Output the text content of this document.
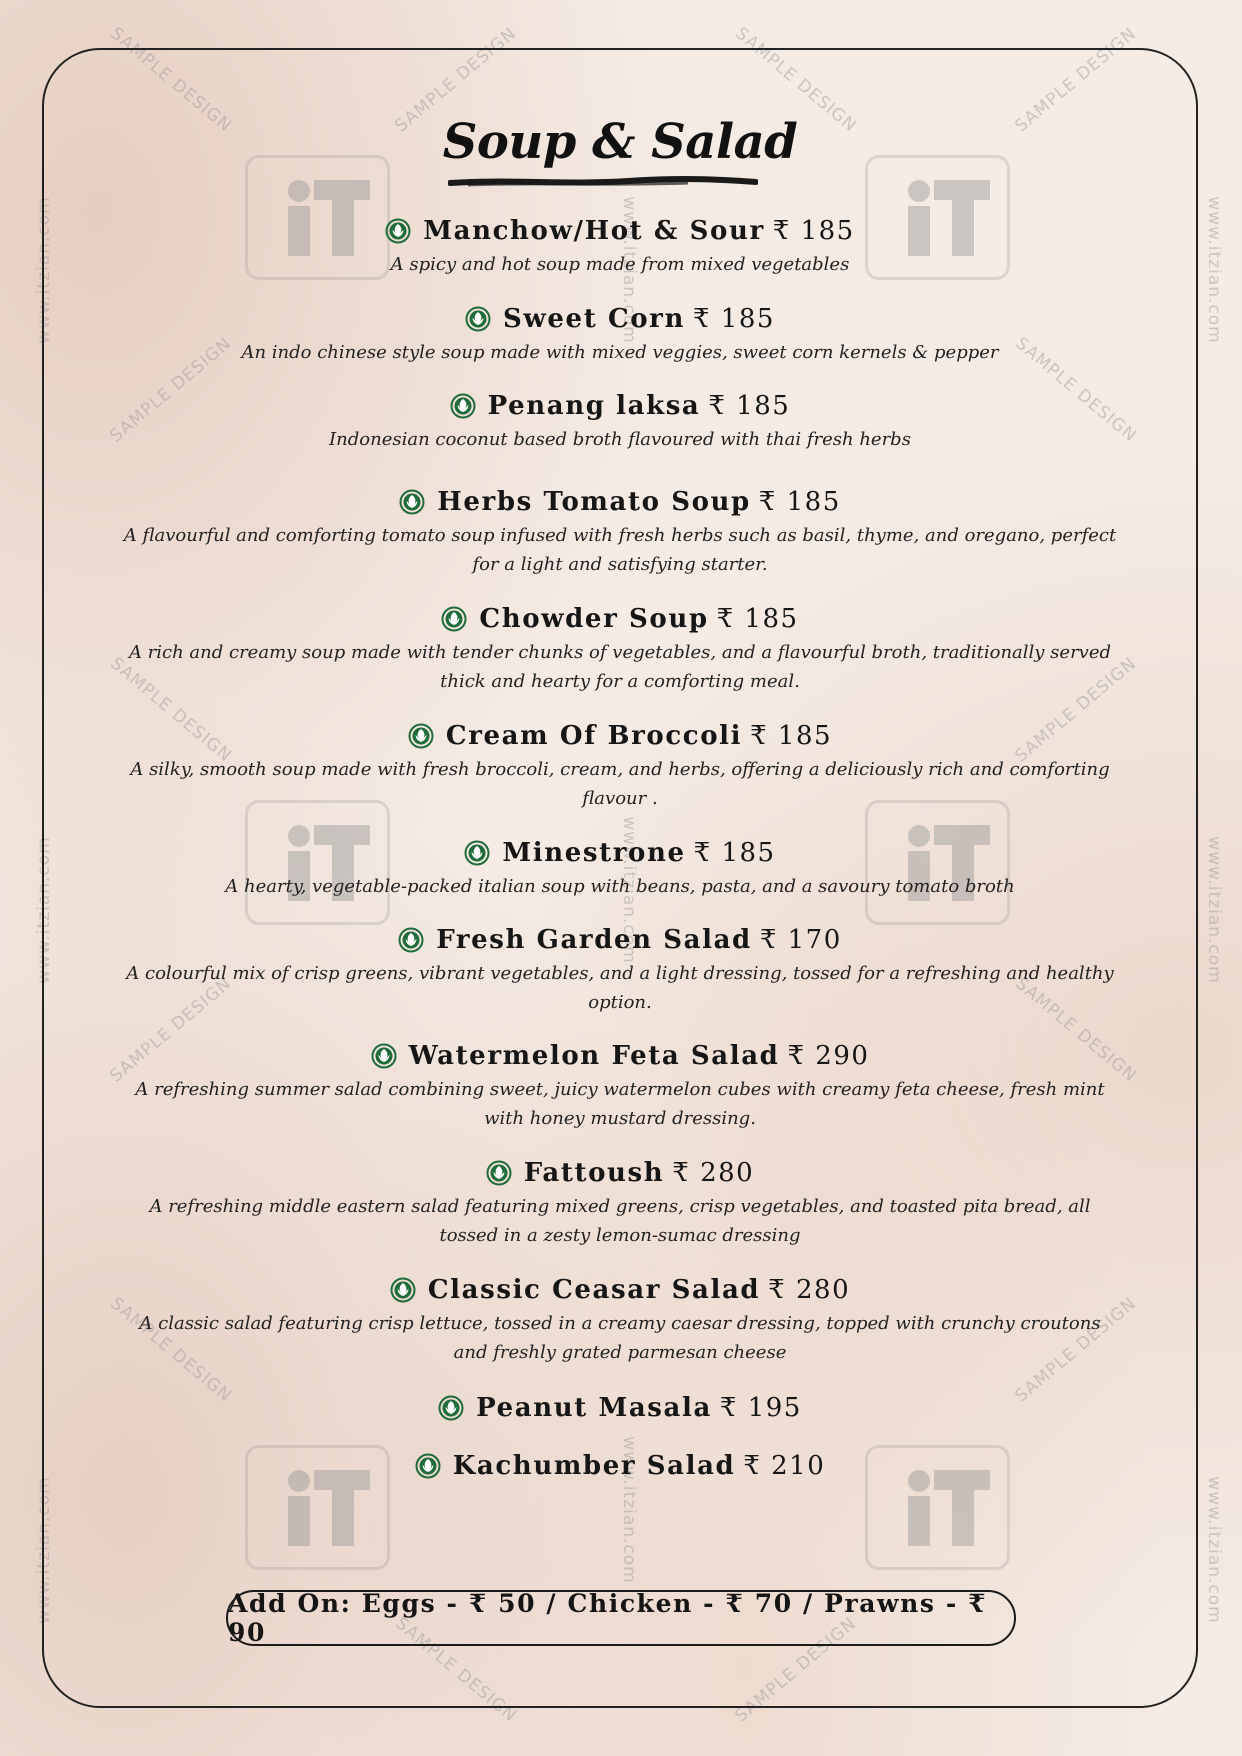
SAMPLE DESIGN	SAMPLE DESIGN	SAMPLE DESIGN	SAMPLE DESIGN
SAMPLE DESIGN	SAMPLE DESIGN
SAMPLE DESIGN	SAMPLE DESIGN
SAMPLE DESIGN	SAMPLE DESIGN
SAMPLE DESIGN	SAMPLE DESIGN
SAMPLE DESIGN	SAMPLE DESIGN
www.itzian.com
www.itzian.com
www.itzian.com
www.itzian.com
www.itzian.com
www.itzian.com
www.itzian.com
www.itzian.com
www.itzian.com
Soup & Salad
Manchow/Hot & Sour ₹ 185
A spicy and hot soup made from mixed vegetables
Sweet Corn ₹ 185
An indo chinese style soup made with mixed veggies, sweet corn kernels & pepper
Penang laksa ₹ 185
Indonesian coconut based broth flavoured with thai fresh herbs
Herbs Tomato Soup ₹ 185
A flavourful and comforting tomato soup infused with fresh herbs such as basil, thyme, and oregano, perfect for a light and satisfying starter.
Chowder Soup ₹ 185
A rich and creamy soup made with tender chunks of vegetables, and a flavourful broth, traditionally served thick and hearty for a comforting meal.
Cream Of Broccoli ₹ 185
A silky, smooth soup made with fresh broccoli, cream, and herbs, offering a deliciously rich and comforting flavour .
Minestrone ₹ 185
A hearty, vegetable-packed italian soup with beans, pasta, and a savoury tomato broth
Fresh Garden Salad ₹ 170
A colourful mix of crisp greens, vibrant vegetables, and a light dressing, tossed for a refreshing and healthy option.
Watermelon Feta Salad ₹ 290
A refreshing summer salad combining sweet, juicy watermelon cubes with creamy feta cheese, fresh mint with honey mustard dressing.
Fattoush ₹ 280
A refreshing middle eastern salad featuring mixed greens, crisp vegetables, and toasted pita bread, all tossed in a zesty lemon-sumac dressing
Classic Ceasar Salad ₹ 280
A classic salad featuring crisp lettuce, tossed in a creamy caesar dressing, topped with crunchy croutons and freshly grated parmesan cheese
Peanut Masala ₹ 195
Kachumber Salad ₹ 210
Add On: Eggs - ₹ 50 / Chicken - ₹ 70 / Prawns - ₹ 90
